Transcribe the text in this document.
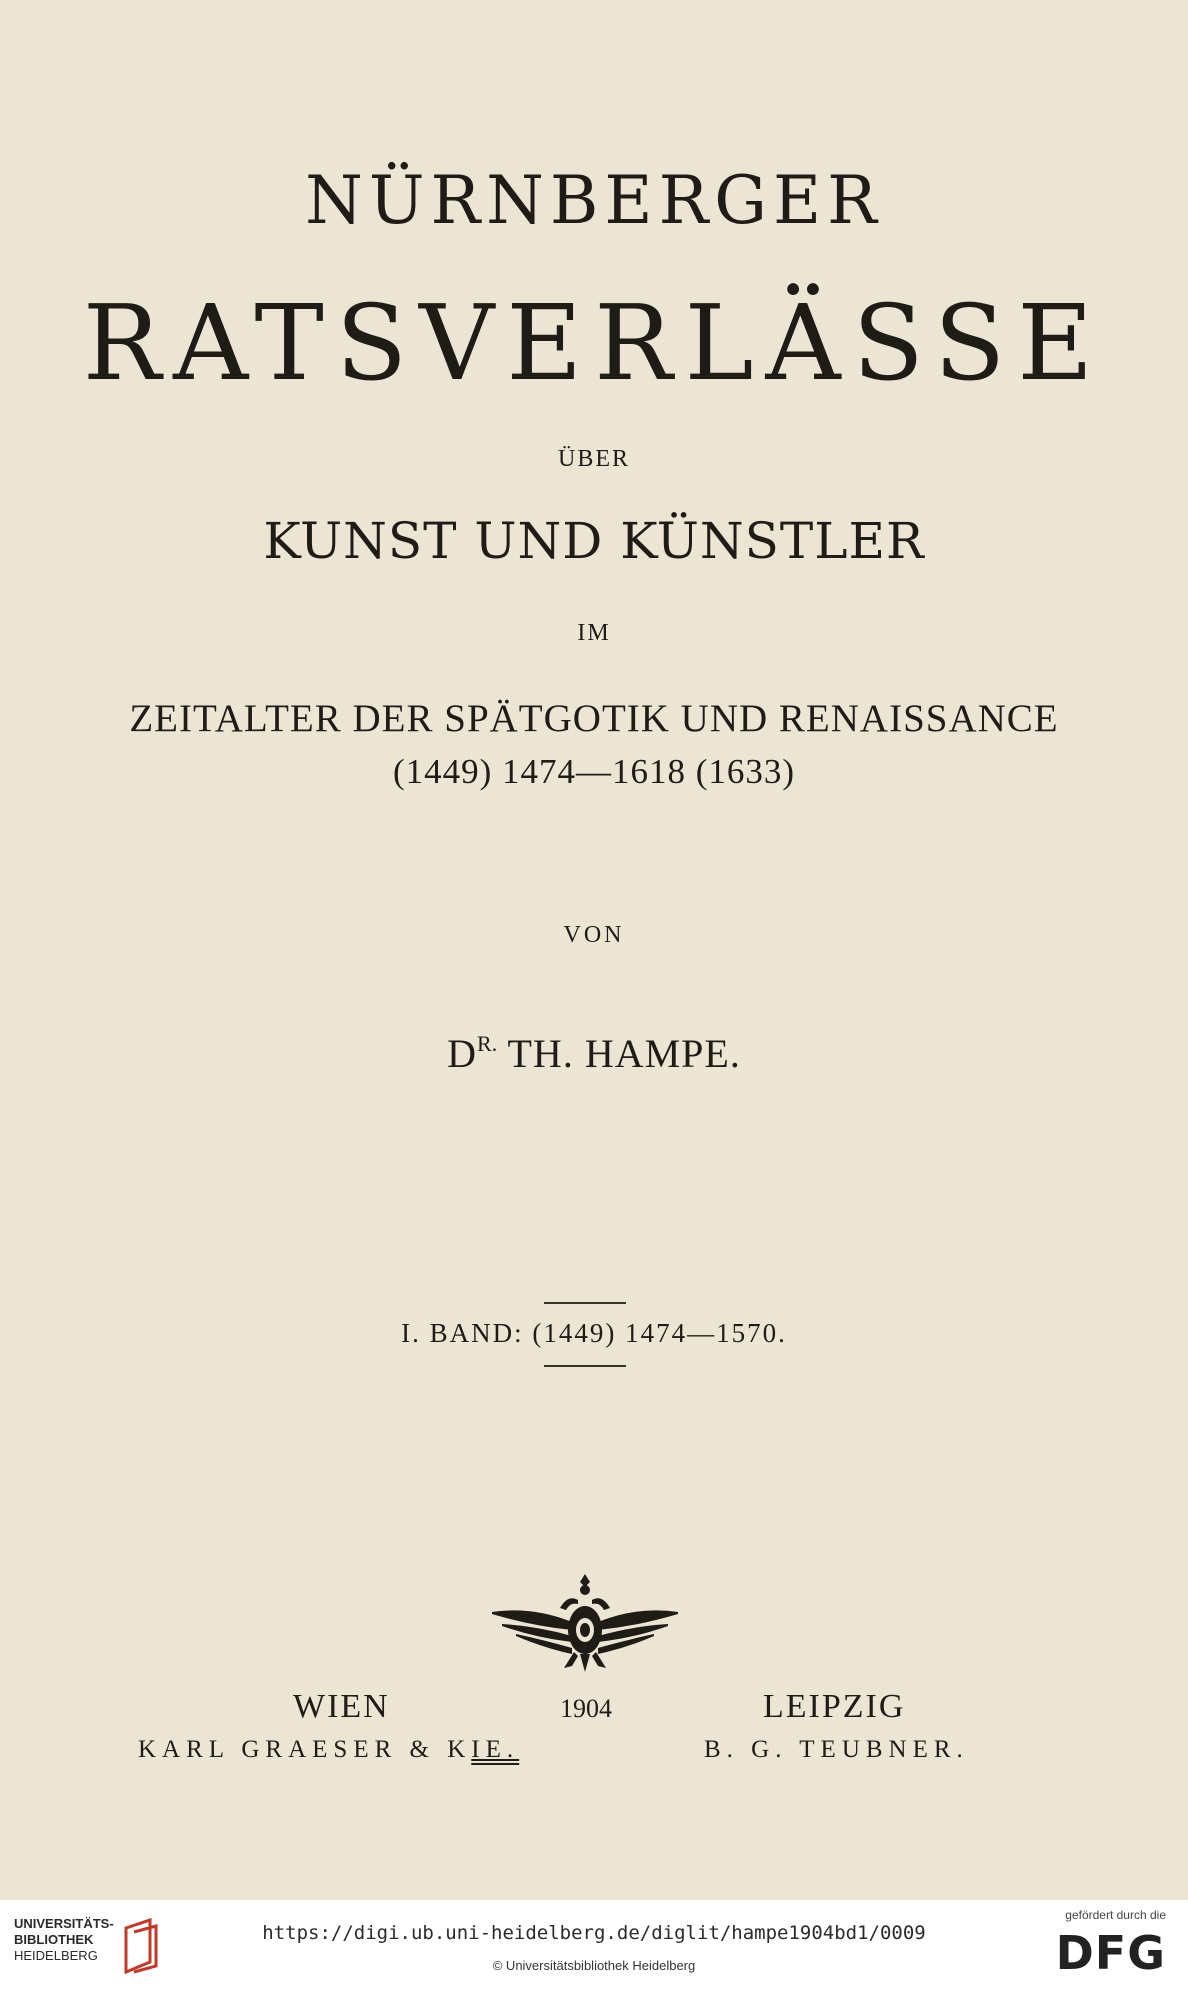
NÜRNBERGER
RATSVERLÄSSE
ÜBER
KUNST UND KÜNSTLER
IM
ZEITALTER DER SPÄTGOTIK UND RENAISSANCE
(1449) 1474—1618 (1633)
VON
$D^{R.}$ TH. HAMPE.
I. BAND: (1449) 1474—1570.
WIEN	1904	LEIPZIG
KARL GRAESER & KIE.	B. G. TEUBNER.
UNIVERSITÄTS-
BIBLIOTHEK
HEIDELBERG
https://digi.ub.uni-heidelberg.de/diglit/hampe1904bd1/0009
© Universitätsbibliothek Heidelberg
gefördert durch die
DFG
